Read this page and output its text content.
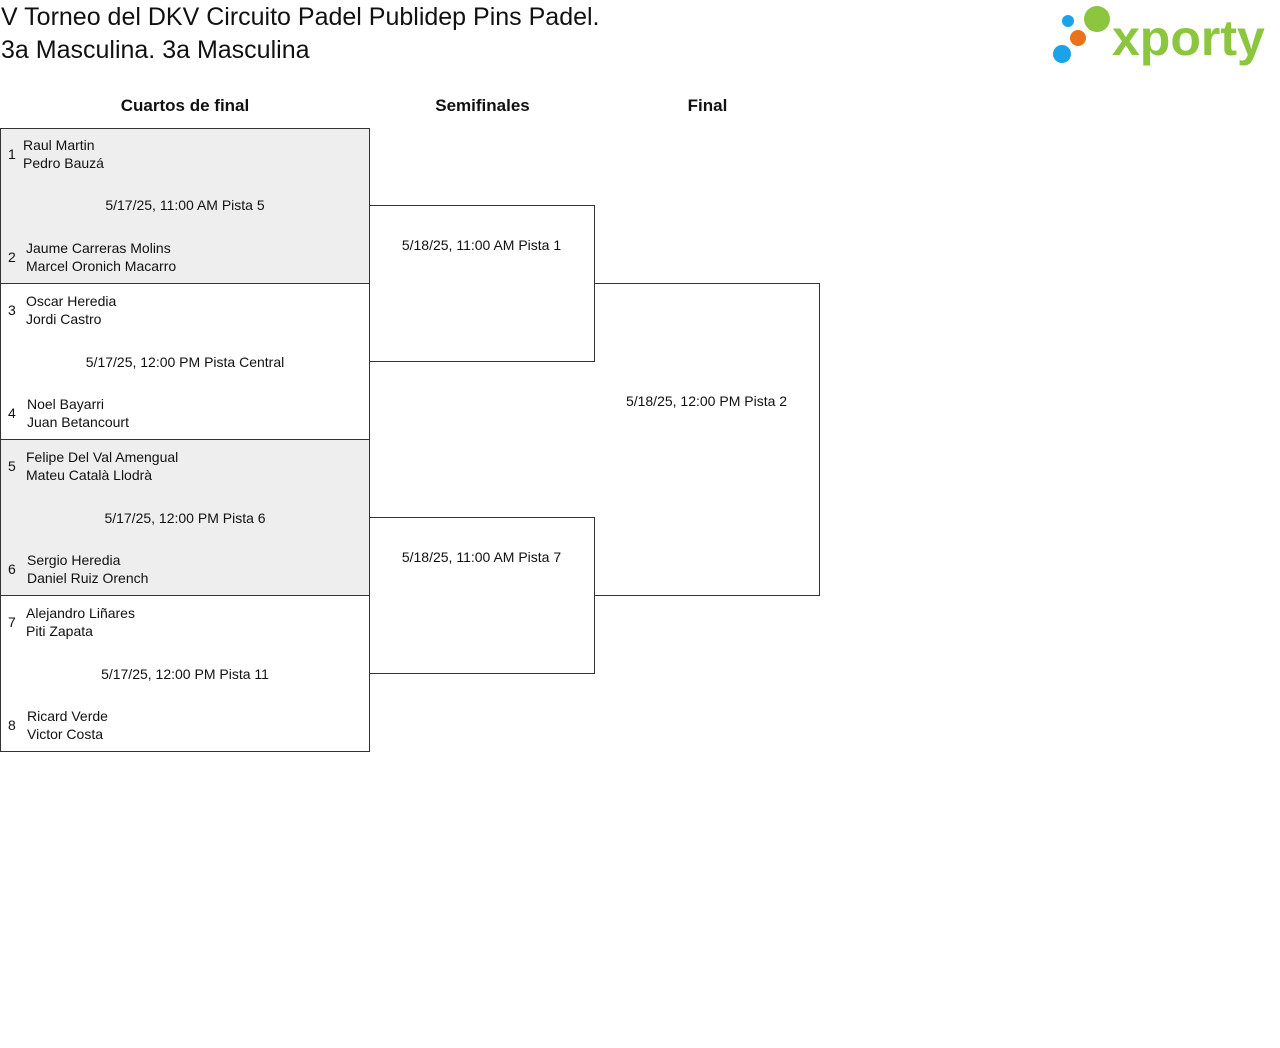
V Torneo del DKV Circuito Padel Publidep Pins Padel.
3a Masculina. 3a Masculina	xporty
Cuartos de final	Semifinales	Final
1
Raul Martin
Pedro Bauzá
5/17/25, 11:00 AM Pista 5
2
Jaume Carreras Molins
Marcel Oronich Macarro
3
Oscar Heredia
Jordi Castro
5/17/25, 12:00 PM Pista Central
4
Noel Bayarri
Juan Betancourt
5
Felipe Del Val Amengual
Mateu Català Llodrà
5/17/25, 12:00 PM Pista 6
6
Sergio Heredia
Daniel Ruiz Orench
7
Alejandro Liñares
Piti Zapata
5/17/25, 12:00 PM Pista 11
8
Ricard Verde
Victor Costa
5/18/25, 11:00 AM Pista 1
5/18/25, 11:00 AM Pista 7
5/18/25, 12:00 PM Pista 2
